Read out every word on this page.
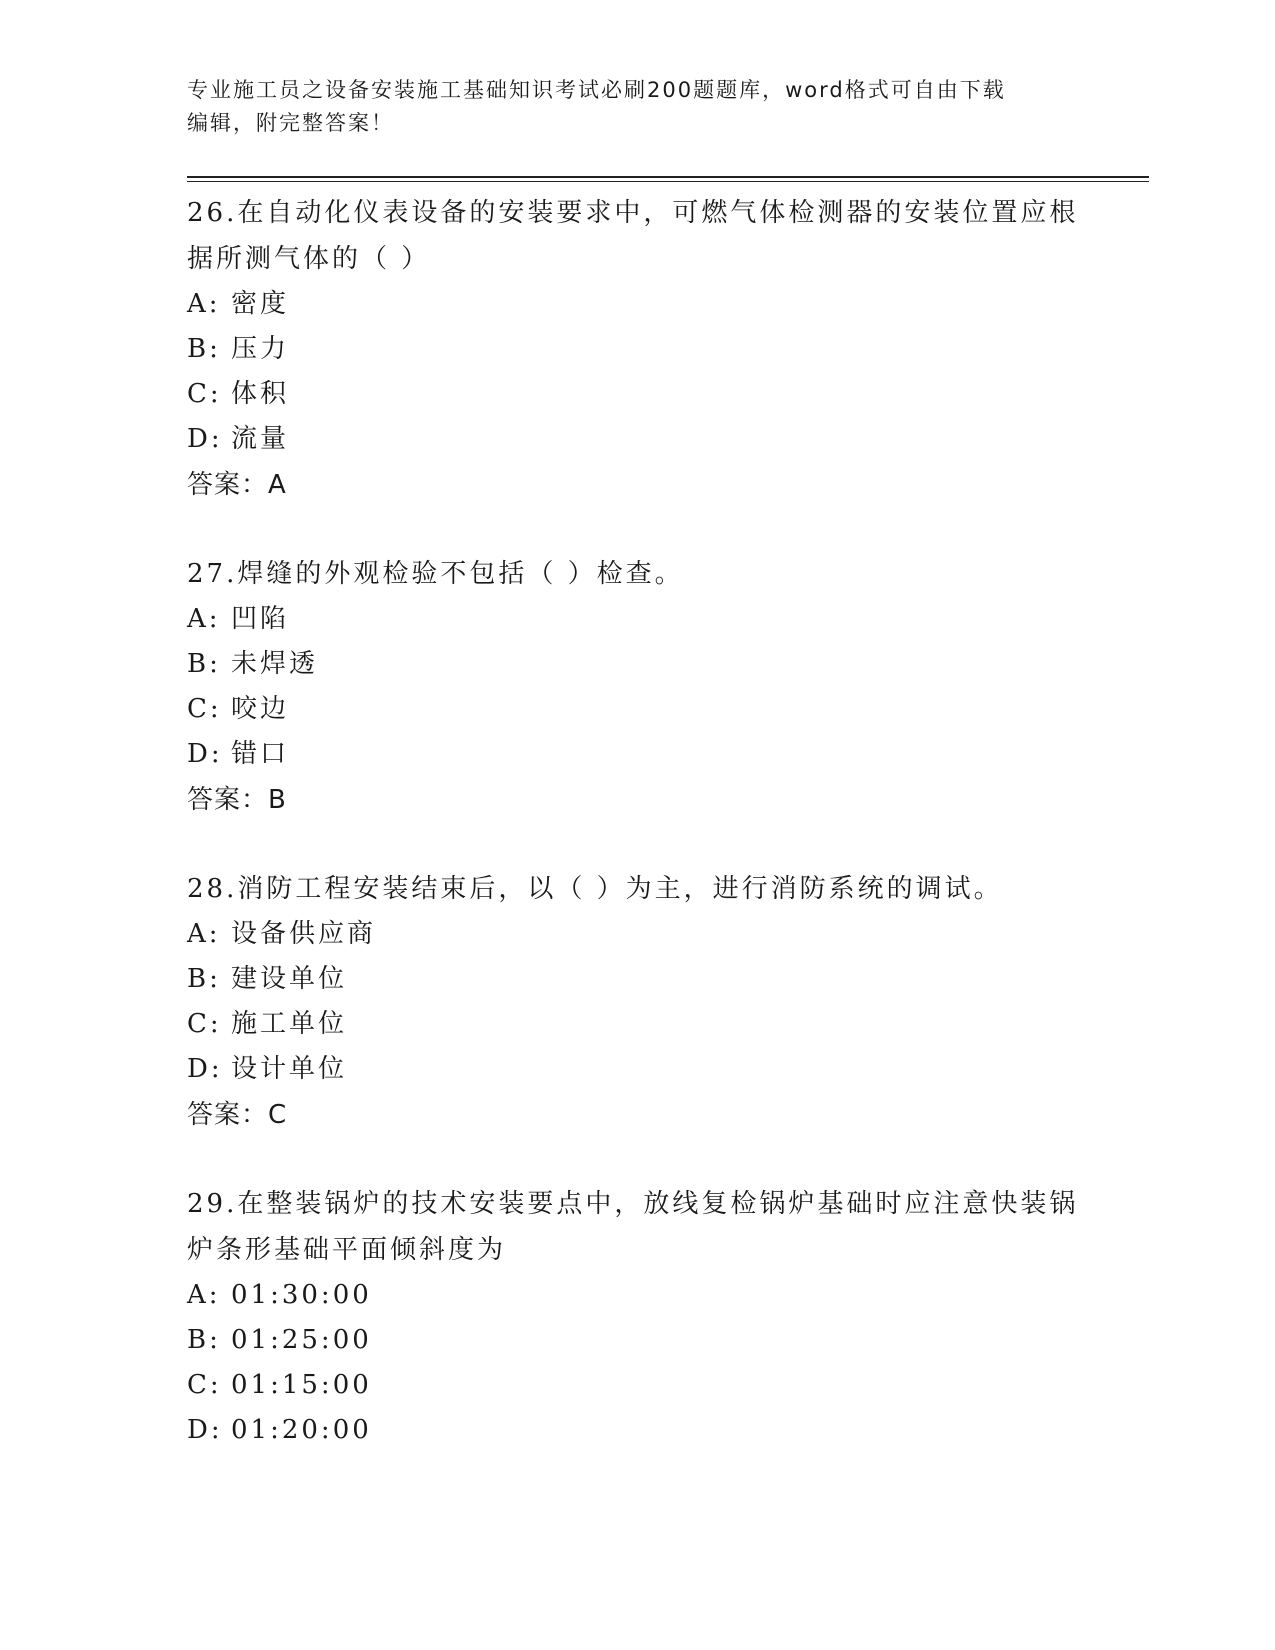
专业施工员之设备安装施工基础知识考试必刷200题题库，word格式可自由下载
编辑，附完整答案！
26.在自动化仪表设备的安装要求中，可燃气体检测器的安装位置应根
据所测气体的（ ）
A: 密度
B: 压力
C: 体积
D: 流量
答案：A
27.焊缝的外观检验不包括（ ）检查。
A: 凹陷
B: 未焊透
C: 咬边
D: 错口
答案：B
28.消防工程安装结束后，以（ ）为主，进行消防系统的调试。
A: 设备供应商
B: 建设单位
C: 施工单位
D: 设计单位
答案：C
29.在整装锅炉的技术安装要点中，放线复检锅炉基础时应注意快装锅
炉条形基础平面倾斜度为
A: 01:30:00
B: 01:25:00
C: 01:15:00
D: 01:20:00
